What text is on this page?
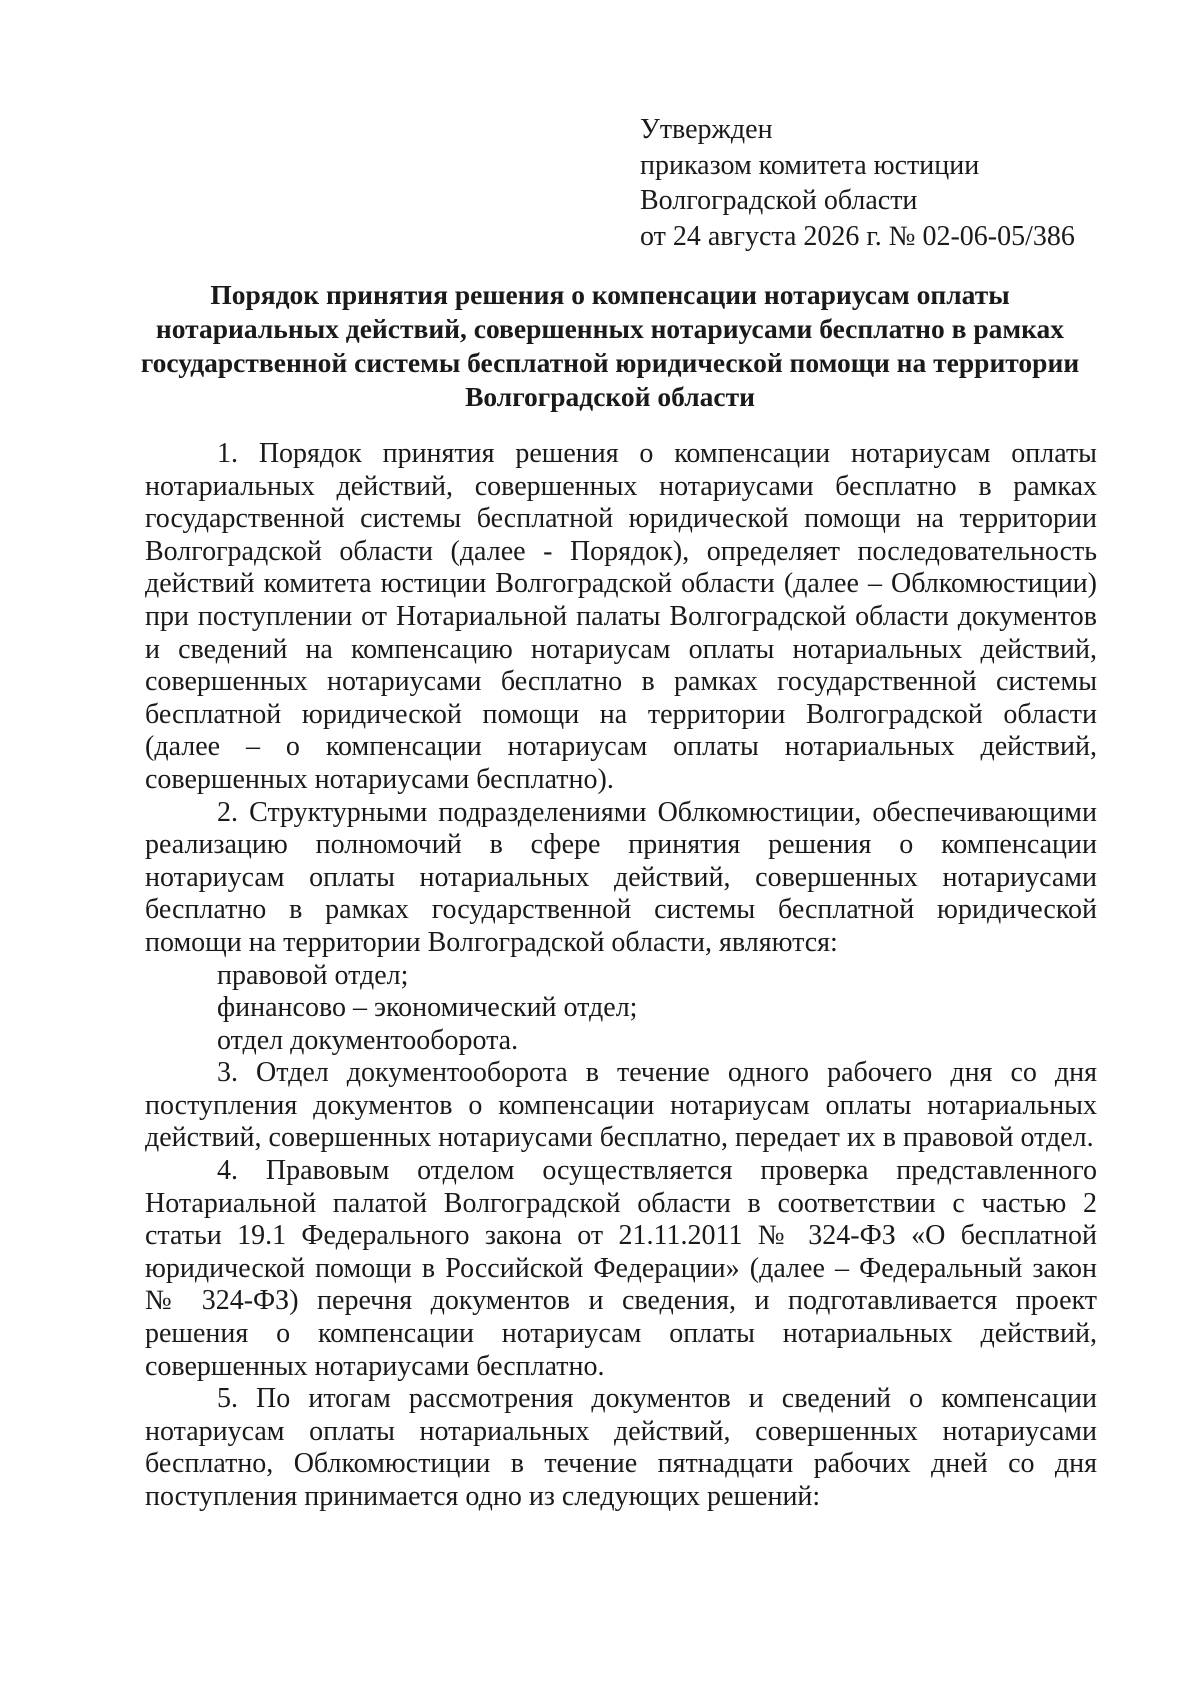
Утвержден
приказом комитета юстиции
Волгоградской области
от 24 августа 2026 г. № 02-06-05/386
Порядок принятия решения о компенсации нотариусам оплаты нотариальных действий, совершенных нотариусами бесплатно в рамках государственной системы бесплатной юридической помощи на территории Волгоградской области

1. Порядок принятия решения о компенсации нотариусам оплаты нотариальных действий, совершенных нотариусами бесплатно в рамках государственной системы бесплатной юридической помощи на территории Волгоградской области (далее - Порядок), определяет последовательность действий комитета юстиции Волгоградской области (далее – Облкомюстиции) при поступлении от Нотариальной палаты Волгоградской области документов и сведений на компенсацию нотариусам оплаты нотариальных действий, совершенных нотариусами бесплатно в рамках государственной системы бесплатной юридической помощи на территории Волгоградской области (далее – о компенсации нотариусам оплаты нотариальных действий, совершенных нотариусами бесплатно).

2. Структурными подразделениями Облкомюстиции, обеспечивающими реализацию полномочий в сфере принятия решения о компенсации нотариусам оплаты нотариальных действий, совершенных нотариусами бесплатно в рамках государственной системы бесплатной юридической помощи на территории Волгоградской области, являются:

правовой отдел;

финансово – экономический отдел;

отдел документооборота.

3. Отдел документооборота в течение одного рабочего дня со дня поступления документов о компенсации нотариусам оплаты нотариальных действий, совершенных нотариусами бесплатно, передает их в правовой отдел.

4. Правовым отделом осуществляется проверка представленного Нотариальной палатой Волгоградской области в соответствии с частью 2 статьи 19.1 Федерального закона от 21.11.2011 № 324-ФЗ «О бесплатной юридической помощи в Российской Федерации» (далее – Федеральный закон № 324-ФЗ) перечня документов и сведения, и подготавливается проект решения о компенсации нотариусам оплаты нотариальных действий, совершенных нотариусами бесплатно.

5. По итогам рассмотрения документов и сведений о компенсации нотариусам оплаты нотариальных действий, совершенных нотариусами бесплатно, Облкомюстиции в течение пятнадцати рабочих дней со дня поступления принимается одно из следующих решений:
